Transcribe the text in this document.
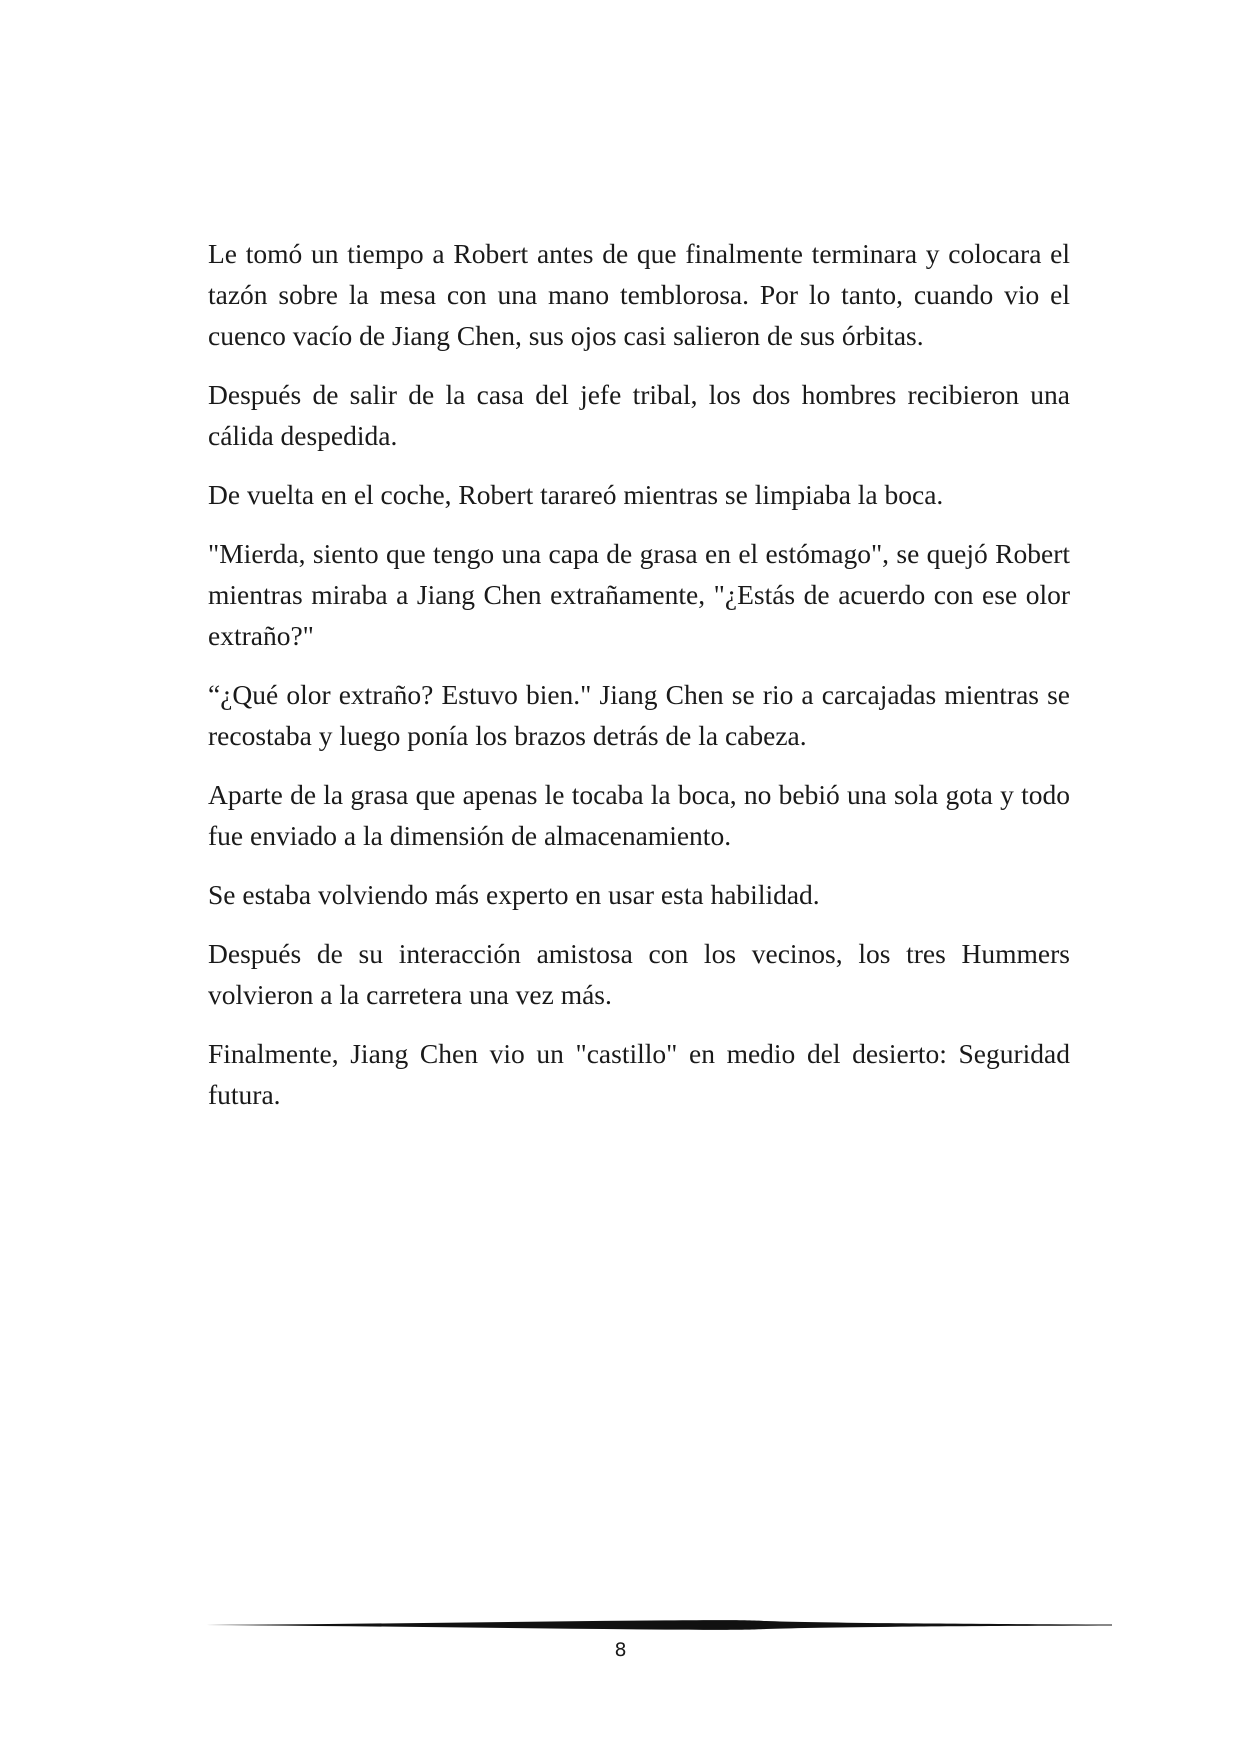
Le tomó un tiempo a Robert antes de que finalmente terminara y colocara el tazón sobre la mesa con una mano temblorosa. Por lo tanto, cuando vio el cuenco vacío de Jiang Chen, sus ojos casi salieron de sus órbitas.

Después de salir de la casa del jefe tribal, los dos hombres recibieron una cálida despedida.

De vuelta en el coche, Robert tarareó mientras se limpiaba la boca.

"Mierda, siento que tengo una capa de grasa en el estómago", se quejó Robert mientras miraba a Jiang Chen extrañamente, "¿Estás de acuerdo con ese olor extraño?"

“¿Qué olor extraño? Estuvo bien." Jiang Chen se rio a carcajadas mientras se recostaba y luego ponía los brazos detrás de la cabeza.

Aparte de la grasa que apenas le tocaba la boca, no bebió una sola gota y todo fue enviado a la dimensión de almacenamiento.

Se estaba volviendo más experto en usar esta habilidad.

Después de su interacción amistosa con los vecinos, los tres Hummers volvieron a la carretera una vez más.

Finalmente, Jiang Chen vio un "castillo" en medio del desierto: Seguridad futura.

8
